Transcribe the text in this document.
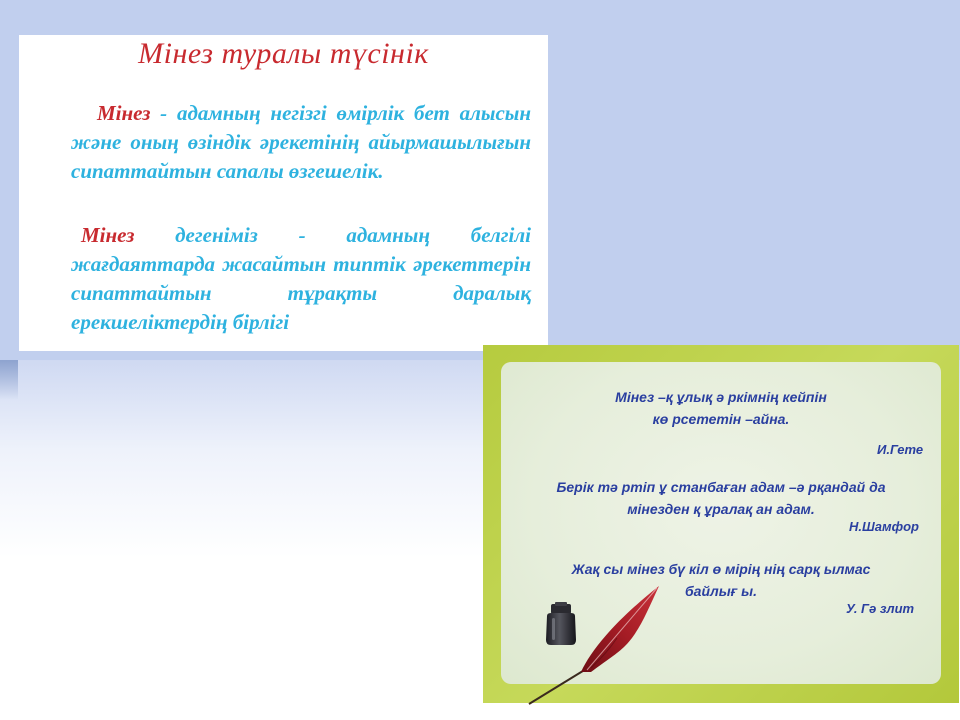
Мінез туралы түсінік
Мінез - адамның негізгі өмірлік бет алысын және оның өзіндік әрекетінің айырмашылығын сипаттайтын сапалы өзгешелік.
Мінез дегеніміз - адамның белгілі жағдаяттарда жасайтын типтік әрекеттерін сипаттайтын тұрақты даралық ерекшеліктердің бірлігі
Мінез –қ ұлық ә ркімнің кейпін
кө рсететін –айна.
И.Гете
Берік тә ртіп ұ станбаған адам –ә рқандай да
мінезден қ ұралақ ан адам.
Н.Шамфор
Жақ сы мінез бү кіл ө мірің нің сарқ ылмас
байлығ ы.
У. Гә злит
